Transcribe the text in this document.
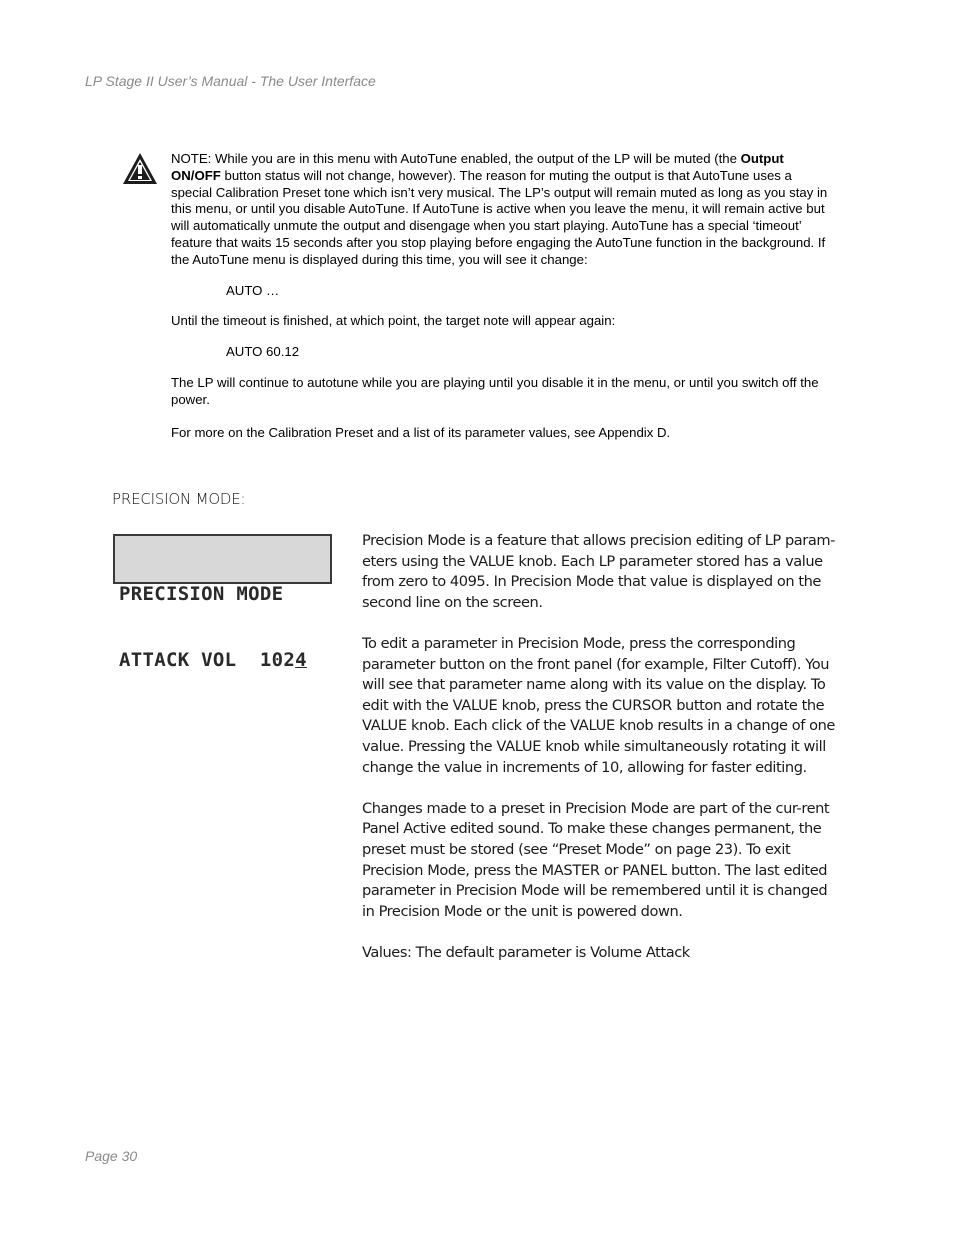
LP Stage II User’s Manual - The User Interface

NOTE: While you are in this menu with AutoTune enabled, the output of the LP will be muted (the Output ON/OFF button status will not change, however). The reason for muting the output is that AutoTune uses a special Calibration Preset tone which isn’t very musical. The LP’s output will remain muted as long as you stay in this menu, or until you disable AutoTune. If AutoTune is active when you leave the menu, it will remain active but will automatically unmute the output and disengage when you start playing. AutoTune has a special ‘timeout’ feature that waits 15 seconds after you stop playing before engaging the AutoTune function in the background. If the AutoTune menu is displayed during this time, you will see it change:

AUTO …

Until the timeout is finished, at which point, the target note will appear again:

AUTO 60.12

The LP will continue to autotune while you are playing until you disable it in the menu, or until you switch off the power.

For more on the Calibration Preset and a list of its parameter values, see Appendix D.

PRECISION MODE:

PRECISION MODE

ATTACK VOL  1024

Precision Mode is a feature that allows precision editing of LP param-eters using the VALUE knob. Each LP parameter stored has a value from zero to 4095. In Precision Mode that value is displayed on the second line on the screen.

To edit a parameter in Precision Mode, press the corresponding parameter button on the front panel (for example, Filter Cutoff). You will see that parameter name along with its value on the display. To edit with the VALUE knob, press the CURSOR button and rotate the VALUE knob. Each click of the VALUE knob results in a change of one value. Pressing the VALUE knob while simultaneously rotating it will change the value in increments of 10, allowing for faster editing.

Changes made to a preset in Precision Mode are part of the cur-rent Panel Active edited sound. To make these changes permanent, the preset must be stored (see “Preset Mode” on page 23). To exit Precision Mode, press the MASTER or PANEL button. The last edited parameter in Precision Mode will be remembered until it is changed in Precision Mode or the unit is powered down.

Values: The default parameter is Volume Attack

Page 30
